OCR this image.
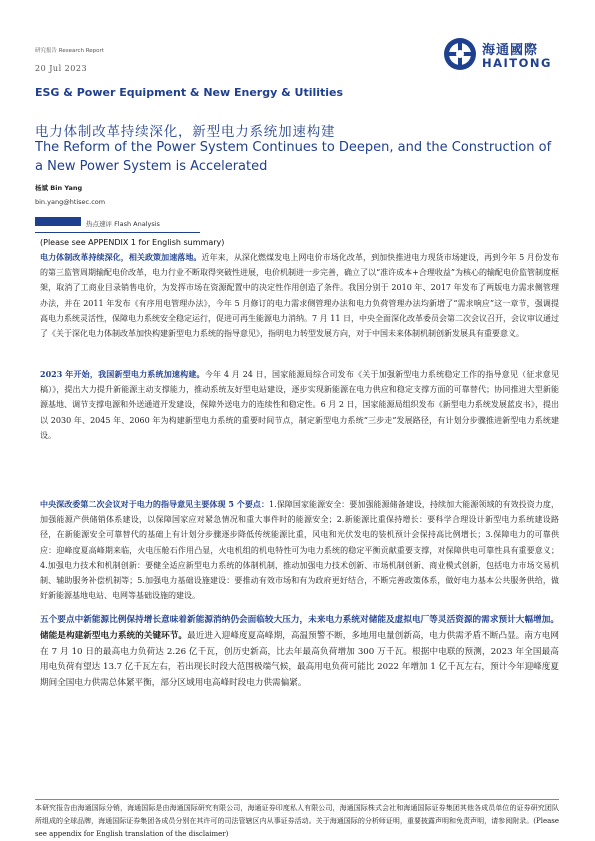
研究报告 Research Report
20 Jul 2023
海通國際
HAITONG
ESG & Power Equipment & New Energy & Utilities
电力体制改革持续深化，新型电力系统加速构建
The Reform of the Power System Continues to Deepen, and the Construction of a New Power System is Accelerated
杨斌 Bin Yang
bin.yang@htisec.com
热点速评 Flash Analysis
(Please see APPENDIX 1 for English summary)
电力体制改革持续深化，相关政策加速落地。近年来，从深化燃煤发电上网电价市场化改革，到加快推进电力现货市场建设，再到今年 5 月份发布的第三监管周期输配电价改革，电力行业不断取得突破性进展，电价机制进一步完善，确立了以“准许成本+合理收益”为核心的输配电价监管制度框架，取消了工商业目录销售电价，为发挥市场在资源配置中的决定性作用创造了条件。我国分别于 2010 年、2017 年发布了两版电力需求侧管理办法，并在 2011 年发布《有序用电管理办法》，今年 5 月修订的电力需求侧管理办法和电力负荷管理办法均新增了“需求响应”这一章节，强调提高电力系统灵活性，保障电力系统安全稳定运行，促进可再生能源电力消纳。7 月 11 日，中央全面深化改革委员会第二次会议召开，会议审议通过了《关于深化电力体制改革加快构建新型电力系统的指导意见》，指明电力转型发展方向，对于中国未来体制机制创新发展具有重要意义。
2023 年开始，我国新型电力系统加速构建。今年 4 月 24 日，国家能源局综合司发布《关于加强新型电力系统稳定工作的指导意见（征求意见稿）》，提出大力提升新能源主动支撑能力，推动系统友好型电站建设，逐步实现新能源在电力供应和稳定支撑方面的可靠替代；协同推进大型新能源基地、调节支撑电源和外送通道开发建设，保障外送电力的连续性和稳定性。6 月 2 日，国家能源局组织发布《新型电力系统发展蓝皮书》，提出以 2030 年、2045 年、2060 年为构建新型电力系统的重要时间节点，制定新型电力系统“三步走”发展路径，有计划分步骤推进新型电力系统建设。
中央深改委第二次会议对于电力的指导意见主要体现 5 个要点：1.保障国家能源安全：要加强能源储备建设，持续加大能源领域的有效投资力度，加强能源产供储销体系建设，以保障国家应对紧急情况和重大事件时的能源安全；2.新能源比重保持增长：要科学合理设计新型电力系统建设路径，在新能源安全可靠替代的基础上有计划分步骤逐步降低传统能源比重，风电和光伏发电的装机预计会保持高比例增长；3.保障电力的可靠供应：迎峰度夏高峰期来临，火电压舱石作用凸显，火电机组的机电特性可为电力系统的稳定平衡贡献重要支撑，对保障供电可靠性具有重要意义；4.加强电力技术和机制创新：要健全适应新型电力系统的体制机制，推动加强电力技术创新、市场机制创新、商业模式创新，包括电力市场交易机制、辅助服务补偿机制等；5.加强电力基础设施建设：要推动有效市场和有为政府更好结合，不断完善政策体系，做好电力基本公共服务供给，做好新能源基地电站、电网等基础设施的建设。
五个要点中新能源比例保持增长意味着新能源消纳仍会面临较大压力，未来电力系统对储能及虚拟电厂等灵活资源的需求预计大幅增加。储能是构建新型电力系统的关键环节。最近进入迎峰度夏高峰期，高温预警不断，多地用电量创新高，电力供需矛盾不断凸显。南方电网在 7 月 10 日的最高电力负荷达 2.26 亿千瓦，创历史新高，比去年最高负荷增加 300 万千瓦。根据中电联的预测，2023 年全国最高用电负荷有望达 13.7 亿千瓦左右，若出现长时段大范围极端气候，最高用电负荷可能比 2022 年增加 1 亿千瓦左右，预计今年迎峰度夏期间全国电力供需总体紧平衡，部分区域用电高峰时段电力供需偏紧。
本研究报告由海通国际分销，海通国际是由海通国际研究有限公司，海通证券印度私人有限公司，海通国际株式会社和海通国际证券集团其他各成员单位的证券研究团队所组成的全球品牌，海通国际证券集团各成员分别在其许可的司法管辖区内从事证券活动。关于海通国际的分析师证明，重要披露声明和免责声明，请参阅附录。(Please see appendix for English translation of the disclaimer)
